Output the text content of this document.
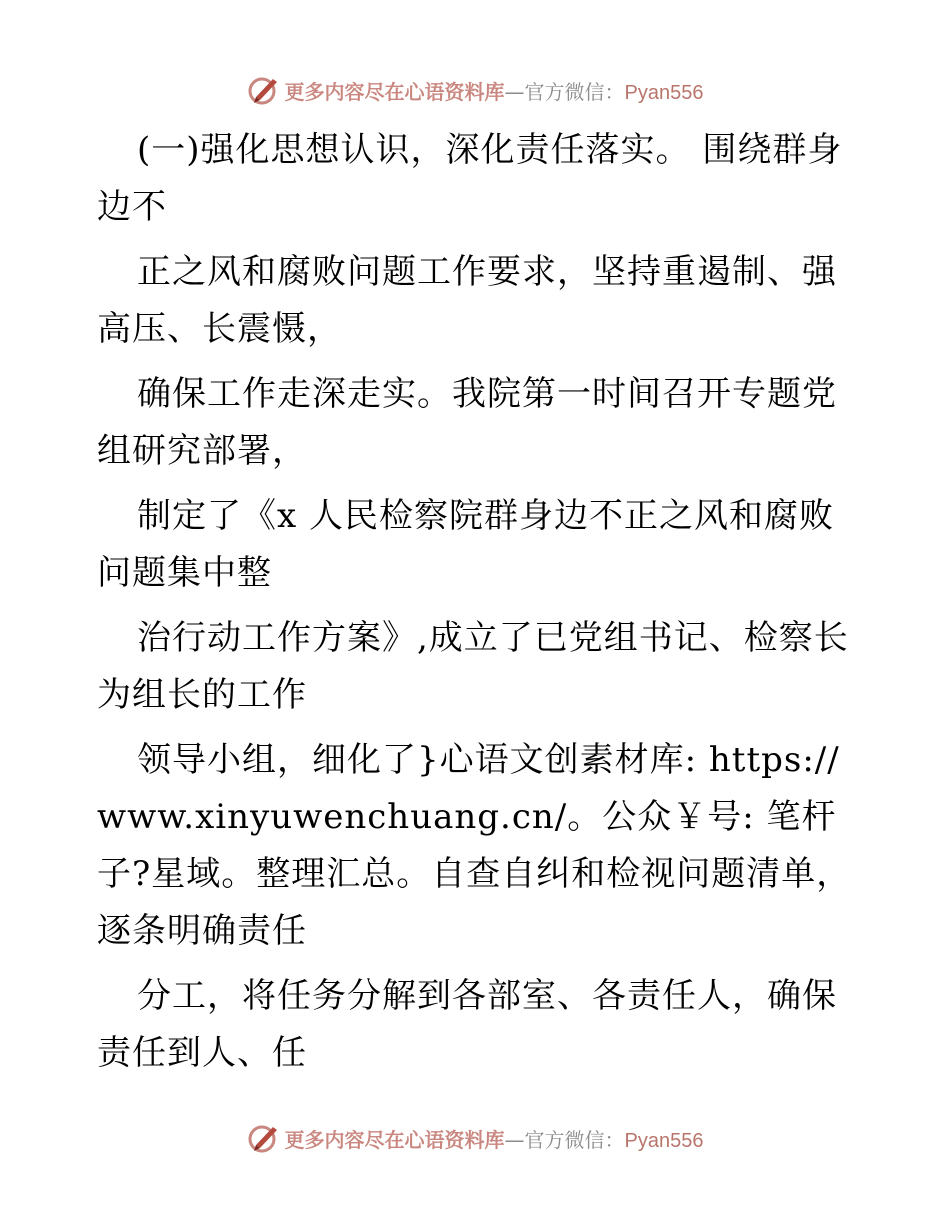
更多内容尽在心语资料库—官方微信：Pyan556

(一)强化思想认识，深化责任落实。 围绕群身边不

正之风和腐败问题工作要求，坚持重遏制、强高压、长震慑，

确保工作走深走实。我院第一时间召开专题党组研究部署，

制定了《x 人民检察院群身边不正之风和腐败问题集中整

治行动工作方案》,成立了已党组书记、检察长为组长的工作

领导小组，细化了}心语文创素材库: https://www.xinyuwenchuang.cn/。公众￥号: 笔杆子?星域。整理汇总。自查自纠和检视问题清单，逐条明确责任

分工，将任务分解到各部室、各责任人，确保责任到人、任

更多内容尽在心语资料库—官方微信：Pyan556
